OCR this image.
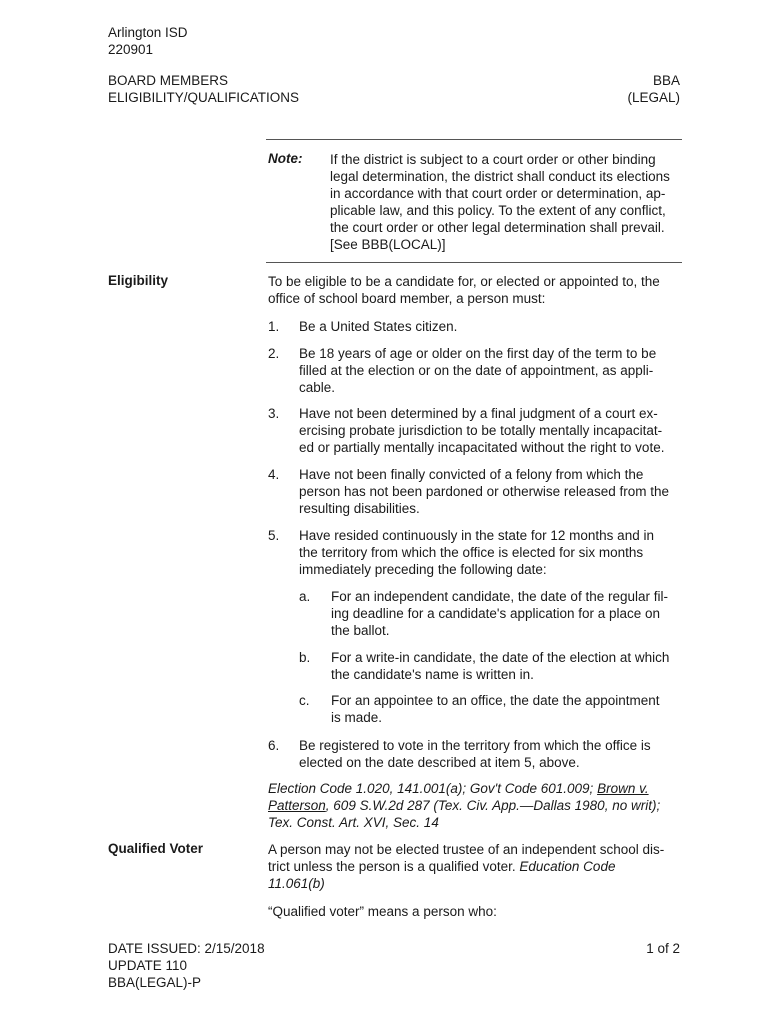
Arlington ISD
220901
BOARD MEMBERS
ELIGIBILITY/QUALIFICATIONS
BBA
(LEGAL)
Note: If the district is subject to a court order or other binding
legal determination, the district shall conduct its elections
in accordance with that court order or determination, ap-
plicable law, and this policy. To the extent of any conflict,
the court order or other legal determination shall prevail.
[See BBB(LOCAL)]
Eligibility	To be eligible to be a candidate for, or elected or appointed to, the
office of school board member, a person must:
1.	Be a United States citizen.
2.	Be 18 years of age or older on the first day of the term to be
filled at the election or on the date of appointment, as appli-
cable.
3.	Have not been determined by a final judgment of a court ex-
ercising probate jurisdiction to be totally mentally incapacitat-
ed or partially mentally incapacitated without the right to vote.
4.	Have not been finally convicted of a felony from which the
person has not been pardoned or otherwise released from the
resulting disabilities.
5.	Have resided continuously in the state for 12 months and in
the territory from which the office is elected for six months
immediately preceding the following date:
a.	For an independent candidate, the date of the regular fil-
ing deadline for a candidate's application for a place on
the ballot.
b.	For a write-in candidate, the date of the election at which
the candidate's name is written in.
c.	For an appointee to an office, the date the appointment
is made.
6.	Be registered to vote in the territory from which the office is
elected on the date described at item 5, above.
Election Code 1.020, 141.001(a); Gov't Code 601.009; Brown v.
Patterson, 609 S.W.2d 287 (Tex. Civ. App.—Dallas 1980, no writ);
Tex. Const. Art. XVI, Sec. 14
Qualified Voter	A person may not be elected trustee of an independent school dis-
trict unless the person is a qualified voter. Education Code
11.061(b)
“Qualified voter” means a person who:
DATE ISSUED: 2/15/2018
UPDATE 110
BBA(LEGAL)-P
1 of 2
